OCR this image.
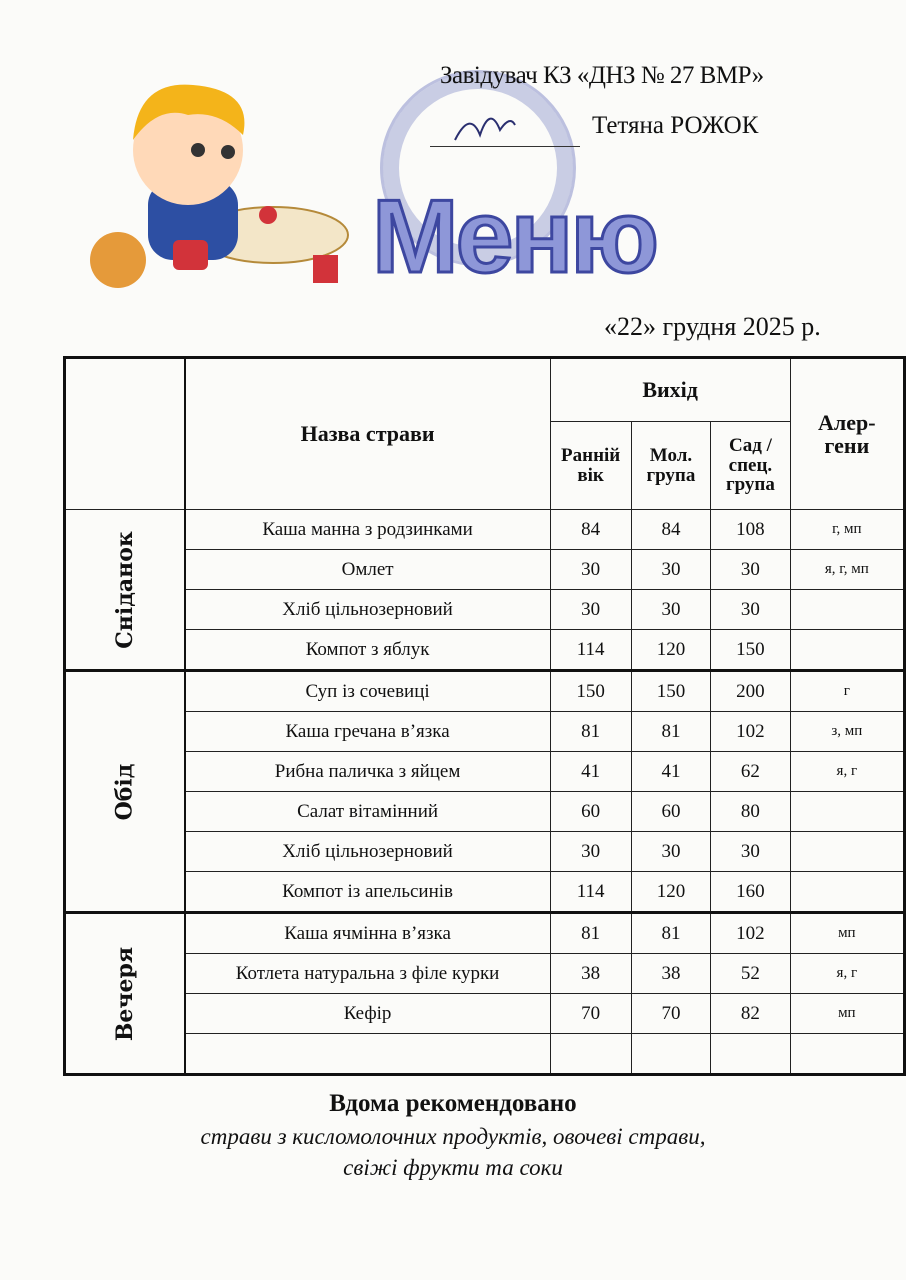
Завідувач КЗ «ДНЗ № 27 ВМР»
Тетяна РОЖОК
Меню
«22» грудня 2025 р.
	Назва страви	Вихід			Алер-гени
		Ранній вік	Мол. група	Сад / спец. група	
Сніданок	Каша манна з родзинками	84	84	108	г, мп
	Омлет	30	30	30	я, г, мп
	Хліб цільнозерновий	30	30	30	
	Компот з яблук	114	120	150	
Обід	Суп із сочевиці	150	150	200	г
	Каша гречана в’язка	81	81	102	з, мп
	Рибна паличка з яйцем	41	41	62	я, г
	Салат вітамінний	60	60	80	
	Хліб цільнозерновий	30	30	30	
	Компот із апельсинів	114	120	160	
Вечеря	Каша ячмінна в’язка	81	81	102	мп
	Котлета натуральна з філе курки	38	38	52	я, г
	Кефір	70	70	82	мп

Вдома рекомендовано
страви з кисломолочних продуктів, овочеві страви,
свіжі фрукти та соки
